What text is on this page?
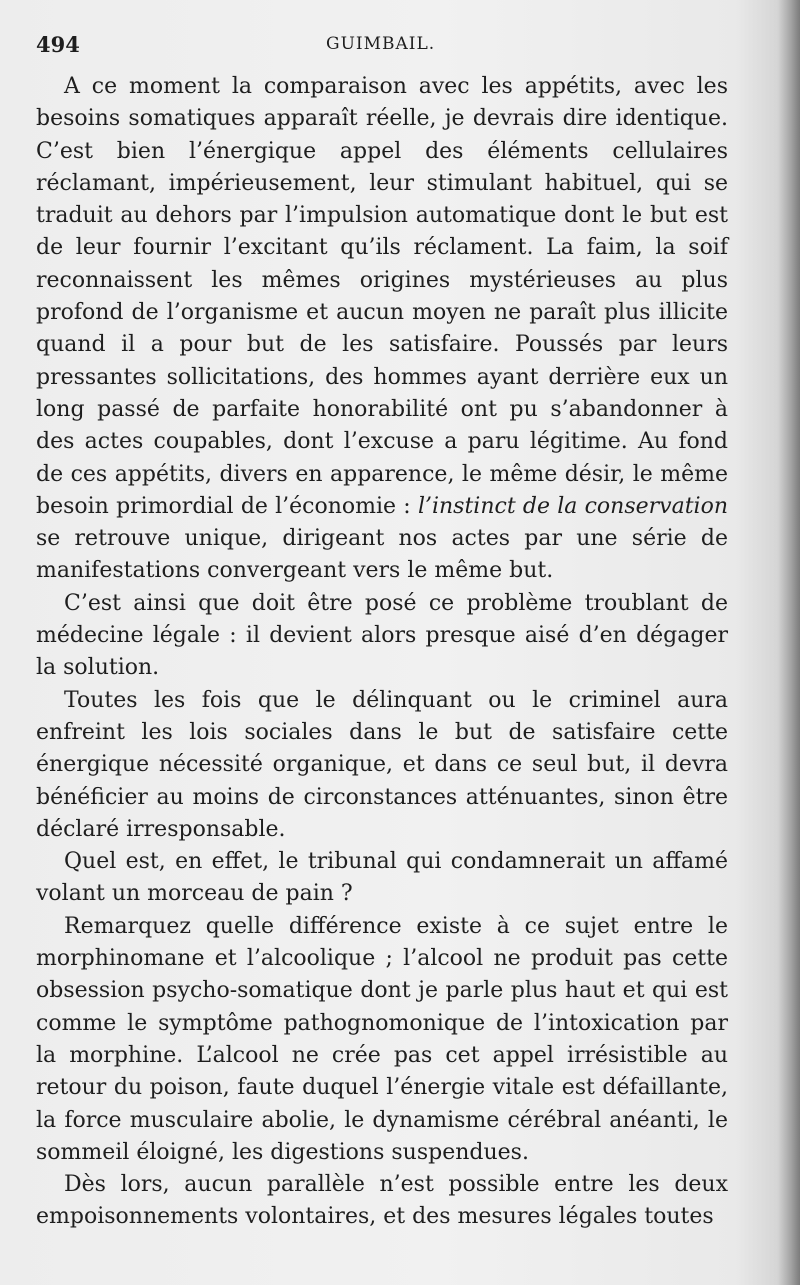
494	GUIMBAIL.

A ce moment la comparaison avec les appétits, avec les besoins somatiques apparaît réelle, je devrais dire identique. C’est bien l’énergique appel des éléments cellulaires réclamant, impérieusement, leur stimulant habituel, qui se traduit au dehors par l’impulsion automatique dont le but est de leur fournir l’excitant qu’ils réclament. La faim, la soif reconnaissent les mêmes origines mystérieuses au plus profond de l’organisme et aucun moyen ne paraît plus illicite quand il a pour but de les satisfaire. Poussés par leurs pressantes sollicitations, des hommes ayant derrière eux un long passé de parfaite honorabilité ont pu s’abandonner à des actes coupables, dont l’excuse a paru légitime. Au fond de ces appétits, divers en apparence, le même désir, le même besoin primordial de l’économie : l’instinct de la conservation se retrouve unique, dirigeant nos actes par une série de manifestations convergeant vers le même but.

C’est ainsi que doit être posé ce problème troublant de médecine légale : il devient alors presque aisé d’en dégager la solution.

Toutes les fois que le délinquant ou le criminel aura enfreint les lois sociales dans le but de satisfaire cette énergique nécessité organique, et dans ce seul but, il devra bénéficier au moins de circonstances atténuantes, sinon être déclaré irresponsable.

Quel est, en effet, le tribunal qui condamnerait un affamé volant un morceau de pain ?

Remarquez quelle différence existe à ce sujet entre le morphinomane et l’alcoolique ; l’alcool ne produit pas cette obsession psycho-somatique dont je parle plus haut et qui est comme le symptôme pathognomonique de l’intoxication par la morphine. L’alcool ne crée pas cet appel irrésistible au retour du poison, faute duquel l’énergie vitale est défaillante, la force musculaire abolie, le dynamisme cérébral anéanti, le sommeil éloigné, les digestions suspendues.

Dès lors, aucun parallèle n’est possible entre les deux empoisonnements volontaires, et des mesures légales toutes
